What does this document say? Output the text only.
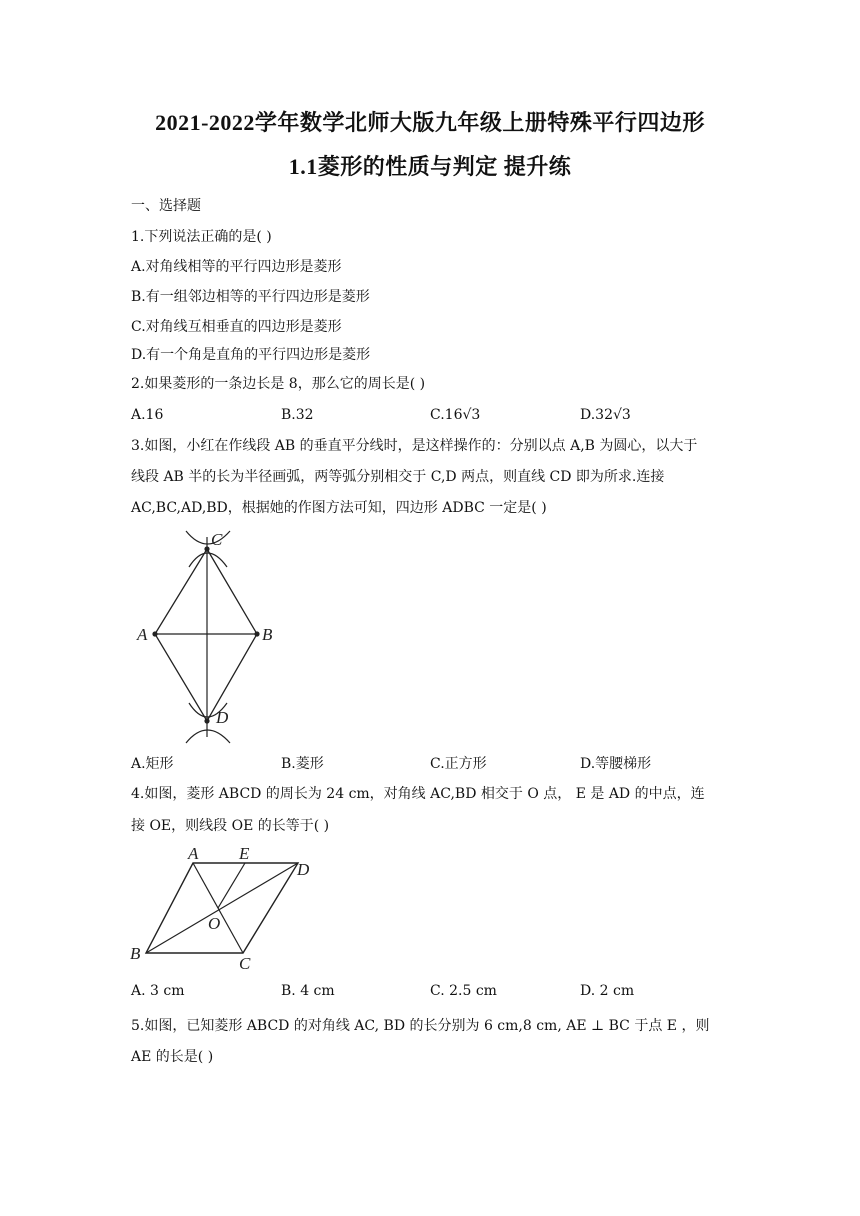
2021-2022学年数学北师大版九年级上册特殊平行四边形
1.1菱形的性质与判定 提升练
一、选择题
1.下列说法正确的是( )
A.对角线相等的平行四边形是菱形
B.有一组邻边相等的平行四边形是菱形
C.对角线互相垂直的四边形是菱形
D.有一个角是直角的平行四边形是菱形
2.如果菱形的一条边长是 8，那么它的周长是( )
A.16	B.32	C.16√3	D.32√3
3.如图，小红在作线段 AB 的垂直平分线时，是这样操作的：分别以点 A,B 为圆心，以大于
线段 AB 半的长为半径画弧，两等弧分别相交于 C,D 两点，则直线 CD 即为所求.连接
AC,BC,AD,BD，根据她的作图方法可知，四边形 ADBC 一定是( )
C
A	B
D
A.矩形	B.菱形	C.正方形	D.等腰梯形
4.如图，菱形 ABCD 的周长为 24 cm，对角线 AC,BD 相交于 O 点， E 是 AD 的中点，连
接 OE，则线段 OE 的长等于( )
A E
D
O
B
C
A. 3 cm	B. 4 cm	C. 2.5 cm	D. 2 cm
5.如图，已知菱形 ABCD 的对角线 AC, BD 的长分别为 6 cm,8 cm, AE ⊥ BC 于点 E ，则
AE 的长是( )
